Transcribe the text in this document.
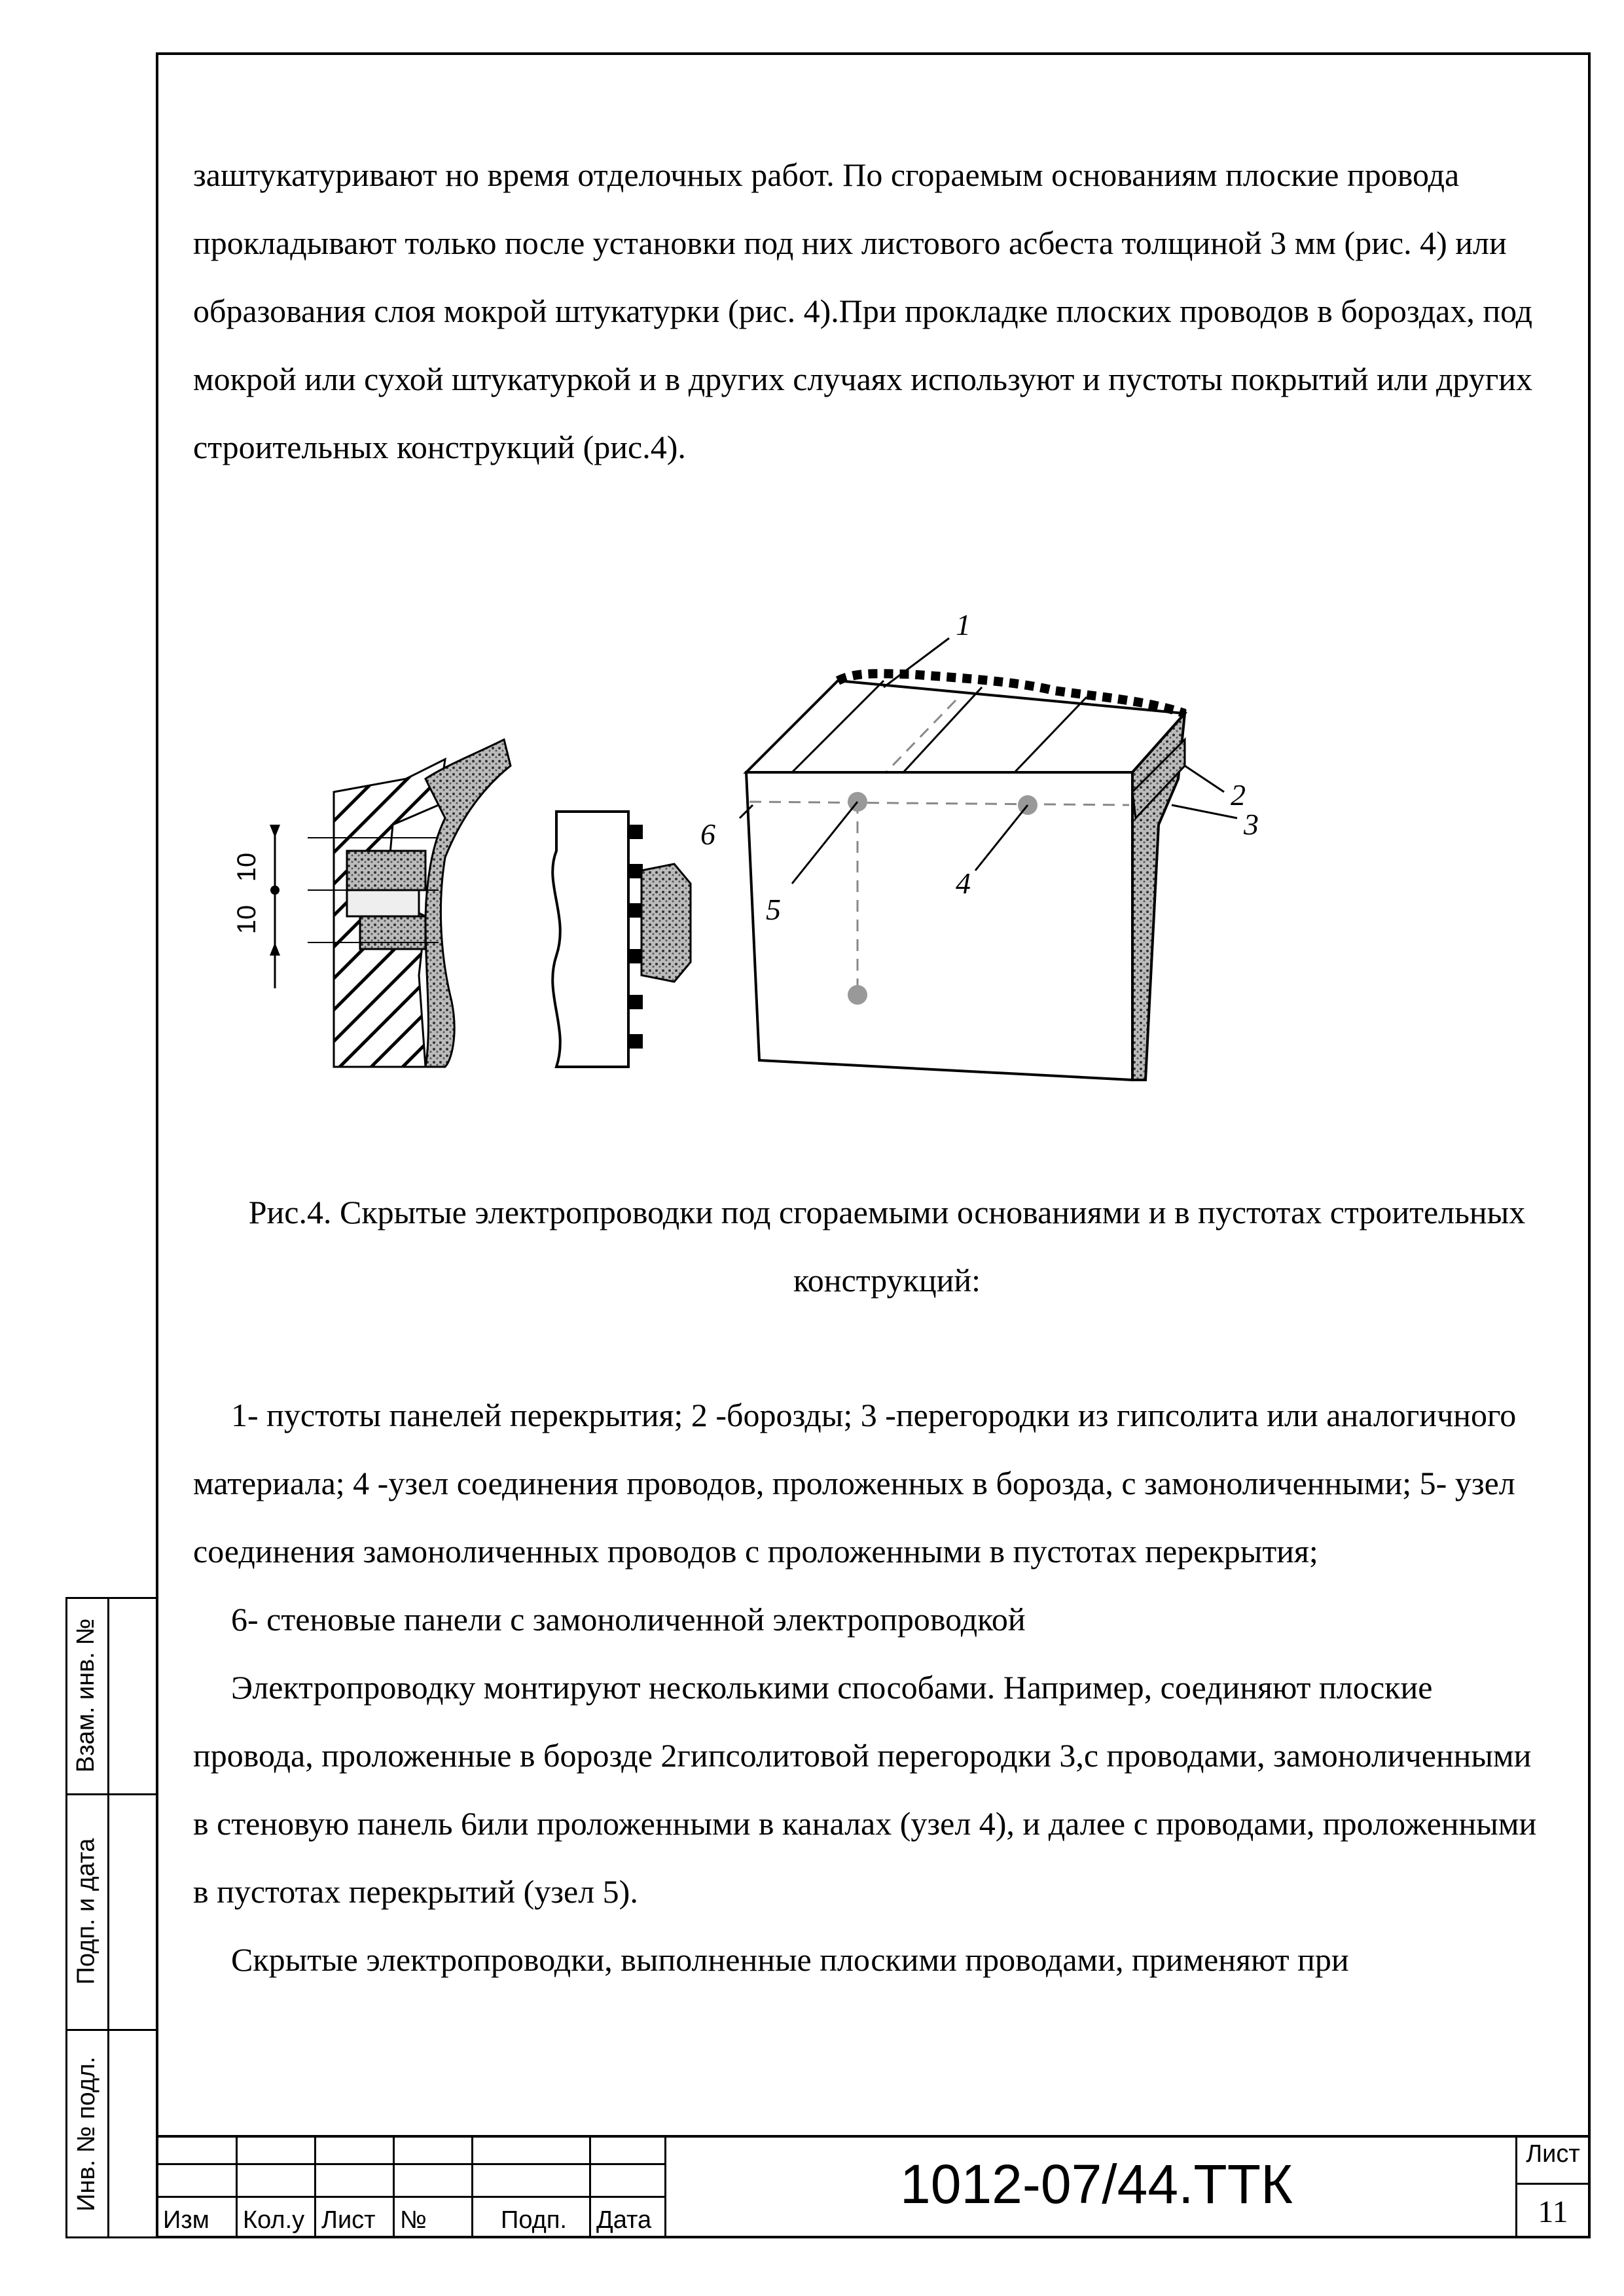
заштукатуривают но время отделочных работ. По сгораемым основаниям плоские провода прокладывают только после установки под них листового асбеста толщиной 3 мм (рис. 4) или образования слоя мокрой штукатурки (рис. 4).При прокладке плоских проводов в бороздах, под мокрой или сухой штукатуркой и в других случаях используют и пустоты покрытий или других строительных конструкций (рис.4).

10
10
1
2
3
4
5
6
Рис.4. Скрытые электропроводки под сгораемыми основаниями и в пустотах строительных конструкций:

1- пустоты панелей перекрытия; 2 -борозды; 3 -перегородки из гипсолита или аналогичного материала; 4 -узел соединения проводов, проложенных в борозда, с замоноличенными; 5- узел соединения замоноличенных проводов с проложенными в пустотах перекрытия;

6- стеновые панели с замоноличенной электропроводкой

Электропроводку монтируют несколькими способами. Например, соединяют плоские провода, проложенные в борозде 2гипсолитовой перегородки 3,с проводами, замоноличенными в стеновую панель 6или проложенными в каналах (узел 4), и далее с проводами, проложенными в пустотах перекрытий (узел 5).

Скрытые электропроводки, выполненные плоскими проводами, применяют при

Взам. инв. №
Подп. и дата
Инв. № подл.
Изм Кол.у Лист №	Подп. Дата
1012-07/44.ТТК	Лист
11
